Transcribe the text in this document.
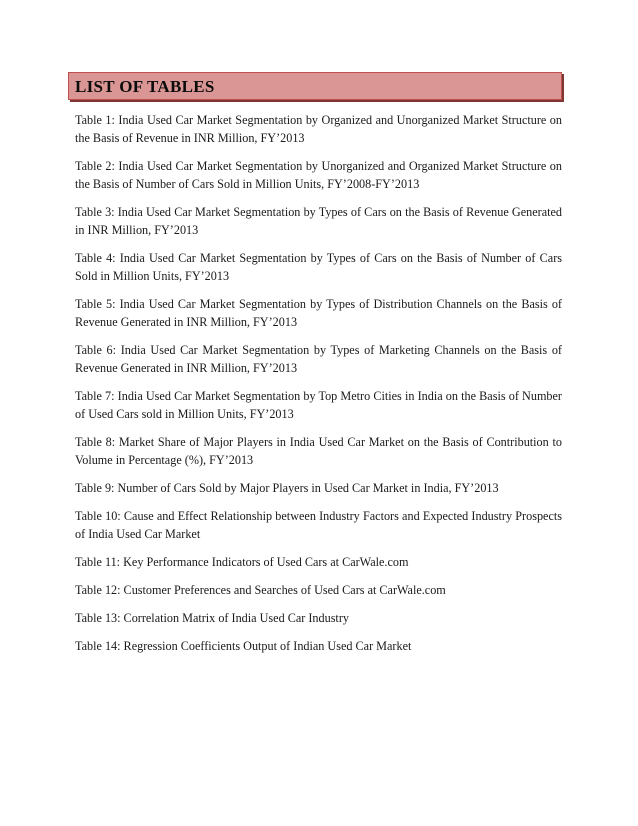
LIST OF TABLES
Table 1: India Used Car Market Segmentation by Organized and Unorganized Market Structure on the Basis of Revenue in INR Million, FY’2013
Table 2: India Used Car Market Segmentation by Unorganized and Organized Market Structure on the Basis of Number of Cars Sold in Million Units, FY’2008-FY’2013
Table 3: India Used Car Market Segmentation by Types of Cars on the Basis of Revenue Generated in INR Million, FY’2013
Table 4: India Used Car Market Segmentation by Types of Cars on the Basis of Number of Cars Sold in Million Units, FY’2013
Table 5: India Used Car Market Segmentation by Types of Distribution Channels on the Basis of Revenue Generated in INR Million, FY’2013
Table 6: India Used Car Market Segmentation by Types of Marketing Channels on the Basis of Revenue Generated in INR Million, FY’2013
Table 7: India Used Car Market Segmentation by Top Metro Cities in India on the Basis of Number of Used Cars sold in Million Units, FY’2013
Table 8: Market Share of Major Players in India Used Car Market on the Basis of Contribution to Volume in Percentage (%), FY’2013
Table 9: Number of Cars Sold by Major Players in Used Car Market in India, FY’2013
Table 10: Cause and Effect Relationship between Industry Factors and Expected Industry Prospects of India Used Car Market
Table 11: Key Performance Indicators of Used Cars at CarWale.com
Table 12: Customer Preferences and Searches of Used Cars at CarWale.com
Table 13: Correlation Matrix of India Used Car Industry
Table 14: Regression Coefficients Output of Indian Used Car Market
